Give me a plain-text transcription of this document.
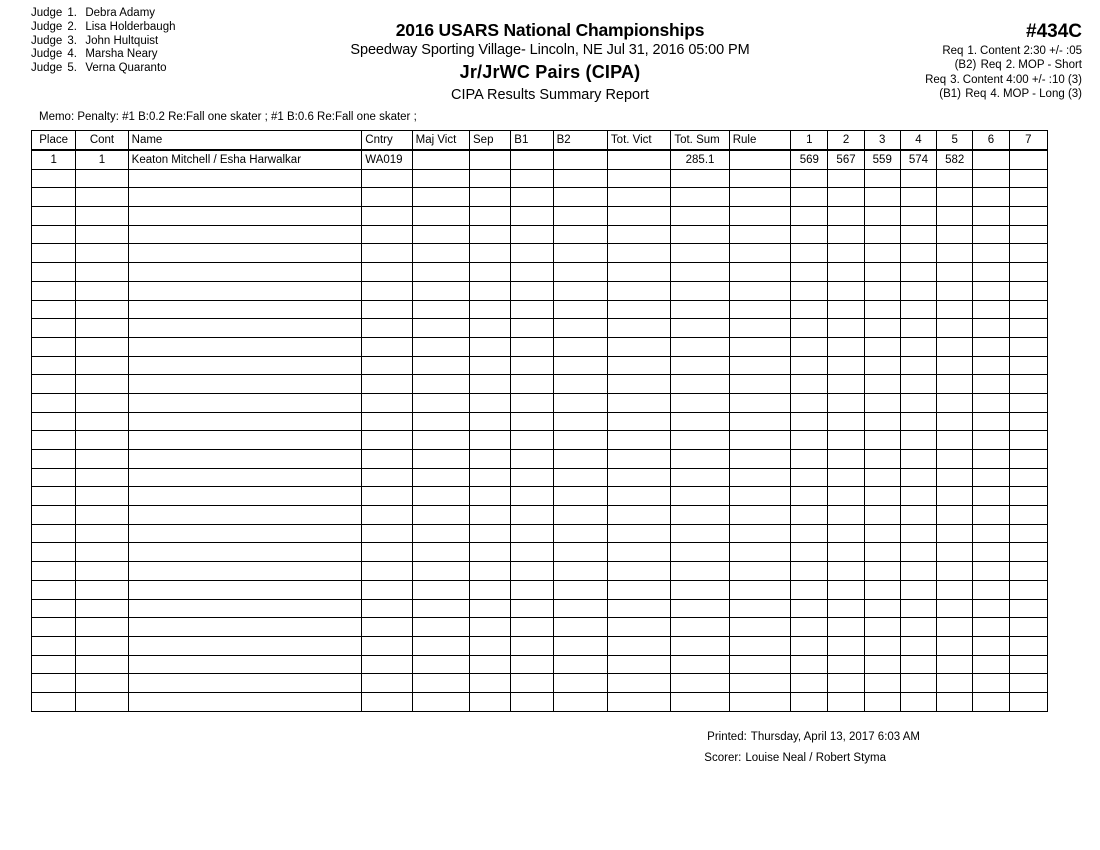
Judge 1. Debra Adamy
Judge 2. Lisa Holderbaugh
Judge 3. John Hultquist
Judge 4. Marsha Neary
Judge 5. Verna Quaranto
2016 USARS National Championships
Speedway Sporting Village- Lincoln, NE Jul 31, 2016 05:00 PM
Jr/JrWC Pairs (CIPA)
CIPA Results Summary Report
#434C
Req 1. Content 2:30 +/- :05
(B2) Req 2. MOP - Short
Req 3. Content 4:00 +/- :10 (3)
(B1) Req 4. MOP - Long (3)
Memo: Penalty: #1 B:0.2 Re:Fall one skater ; #1 B:0.6 Re:Fall one skater ;
Place	Cont	Name	Cntry	Maj Vict	Sep	B1	B2	Tot. Vict	Tot. Sum	Rule	1	2	3	4	5	6	7
1	1	Keaton Mitchell / Esha Harwalkar	WA019						285.1		569	567	559	574	582		

Printed: Thursday, April 13, 2017 6:03 AM
Scorer: Louise Neal / Robert Styma
